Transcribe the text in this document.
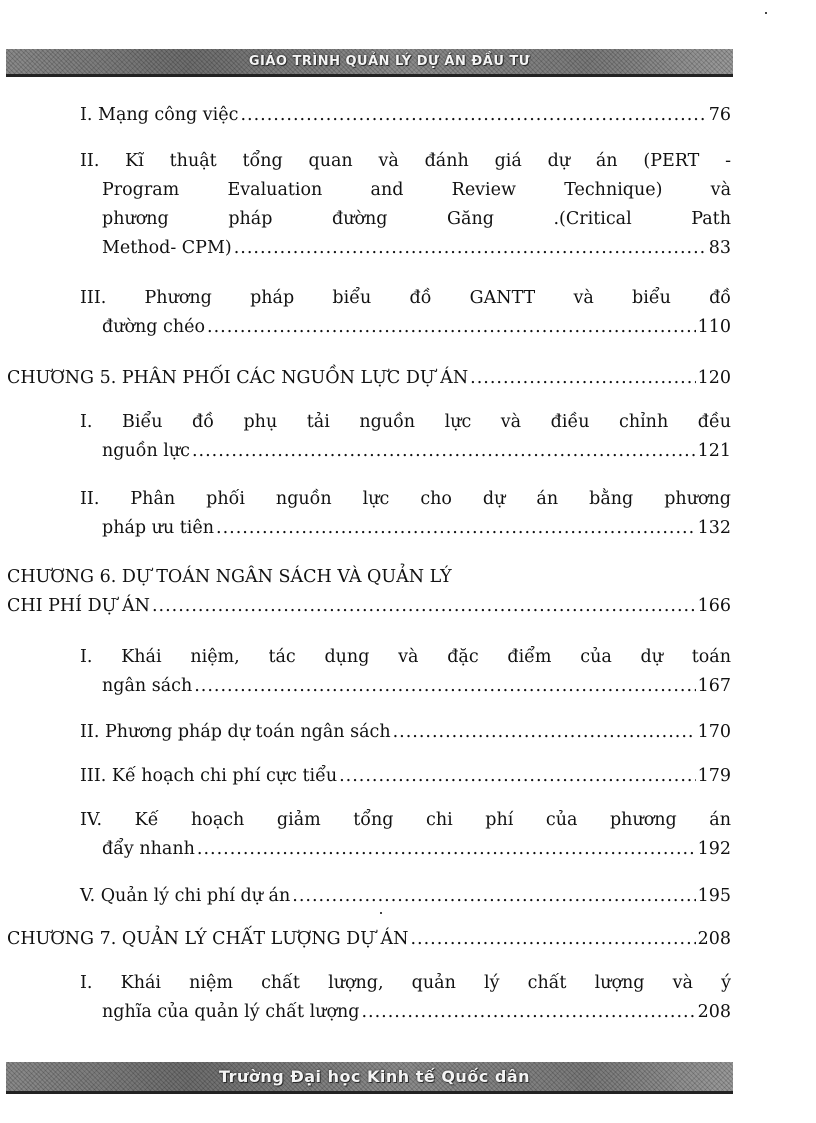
GIÁO TRÌNH QUẢN LÝ DỰ ÁN ĐẦU TƯ
I. Mạng công việc .....	76
II. Kĩ thuật tổng quan và đánh giá dự án (PERT -
Program Evaluation and Review Technique) và
phương pháp đường Găng .(Critical Path
Method- CPM) .....	83
III. Phương pháp biểu đồ GANTT và biểu đồ
đường chéo .....	110
CHƯƠNG 5. PHÂN PHỐI CÁC NGUỒN LỰC DỰ ÁN .....	120
I. Biểu đồ phụ tải nguồn lực và điều chỉnh đều
nguồn lực .....	121
II. Phân phối nguồn lực cho dự án bằng phương
pháp ưu tiên .....	132
CHƯƠNG 6. DỰ TOÁN NGÂN SÁCH VÀ QUẢN LÝ
CHI PHÍ DỰ ÁN .....	166
I. Khái niệm, tác dụng và đặc điểm của dự toán
ngân sách .....	167
II. Phương pháp dự toán ngân sách .....	170
III. Kế hoạch chi phí cực tiểu .....	179
IV. Kế hoạch giảm tổng chi phí của phương án
đẩy nhanh .....	192
V. Quản lý chi phí dự án .....	195
CHƯƠNG 7. QUẢN LÝ CHẤT LƯỢNG DỰ ÁN .....	208
I. Khái niệm chất lượng, quản lý chất lượng và ý
nghĩa của quản lý chất lượng .....	208
Trường Đại học Kinh tế Quốc dân
